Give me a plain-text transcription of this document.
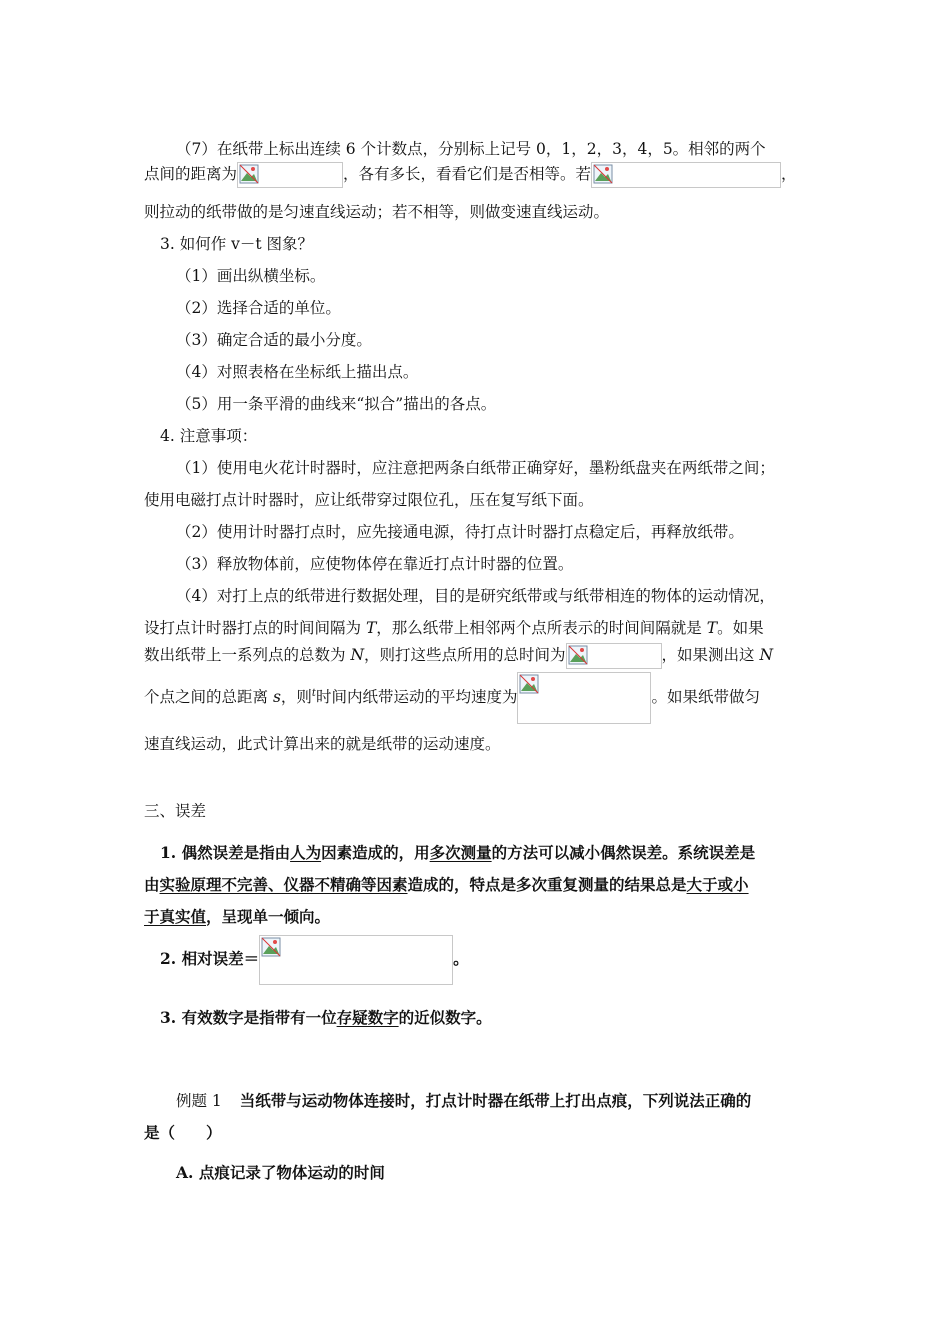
（7）在纸带上标出连续 6 个计数点，分别标上记号 0，1，2，3，4，5。相邻的两个
点间的距离为	，各有多长，看看它们是否相等。若	，
则拉动的纸带做的是匀速直线运动；若不相等，则做变速直线运动。
3. 如何作 v－t 图象？
（1）画出纵横坐标。
（2）选择合适的单位。
（3）确定合适的最小分度。
（4）对照表格在坐标纸上描出点。
（5）用一条平滑的曲线来“拟合”描出的各点。
4. 注意事项：
（1）使用电火花计时器时，应注意把两条白纸带正确穿好，墨粉纸盘夹在两纸带之间；
使用电磁打点计时器时，应让纸带穿过限位孔，压在复写纸下面。
（2）使用计时器打点时，应先接通电源，待打点计时器打点稳定后，再释放纸带。
（3）释放物体前，应使物体停在靠近打点计时器的位置。
（4）对打上点的纸带进行数据处理，目的是研究纸带或与纸带相连的物体的运动情况，
设打点计时器打点的时间间隔为 T，那么纸带上相邻两个点所表示的时间间隔就是 T。如果
数出纸带上一系列点的总数为 N，则打这些点所用的总时间为	，如果测出这 N
个点之间的总距离 s，则$^t$时间内纸带运动的平均速度为	。如果纸带做匀
速直线运动，此式计算出来的就是纸带的运动速度。
三、误差
1. 偶然误差是指由人为因素造成的，用多次测量的方法可以减小偶然误差。系统误差是
由实验原理不完善、仪器不精确等因素造成的，特点是多次重复测量的结果总是大于或小
于真实值，呈现单一倾向。
2. 相对误差＝	。
3. 有效数字是指带有一位存疑数字的近似数字。
例题 1 当纸带与运动物体连接时，打点计时器在纸带上打出点痕，下列说法正确的
是（　　）
A. 点痕记录了物体运动的时间
